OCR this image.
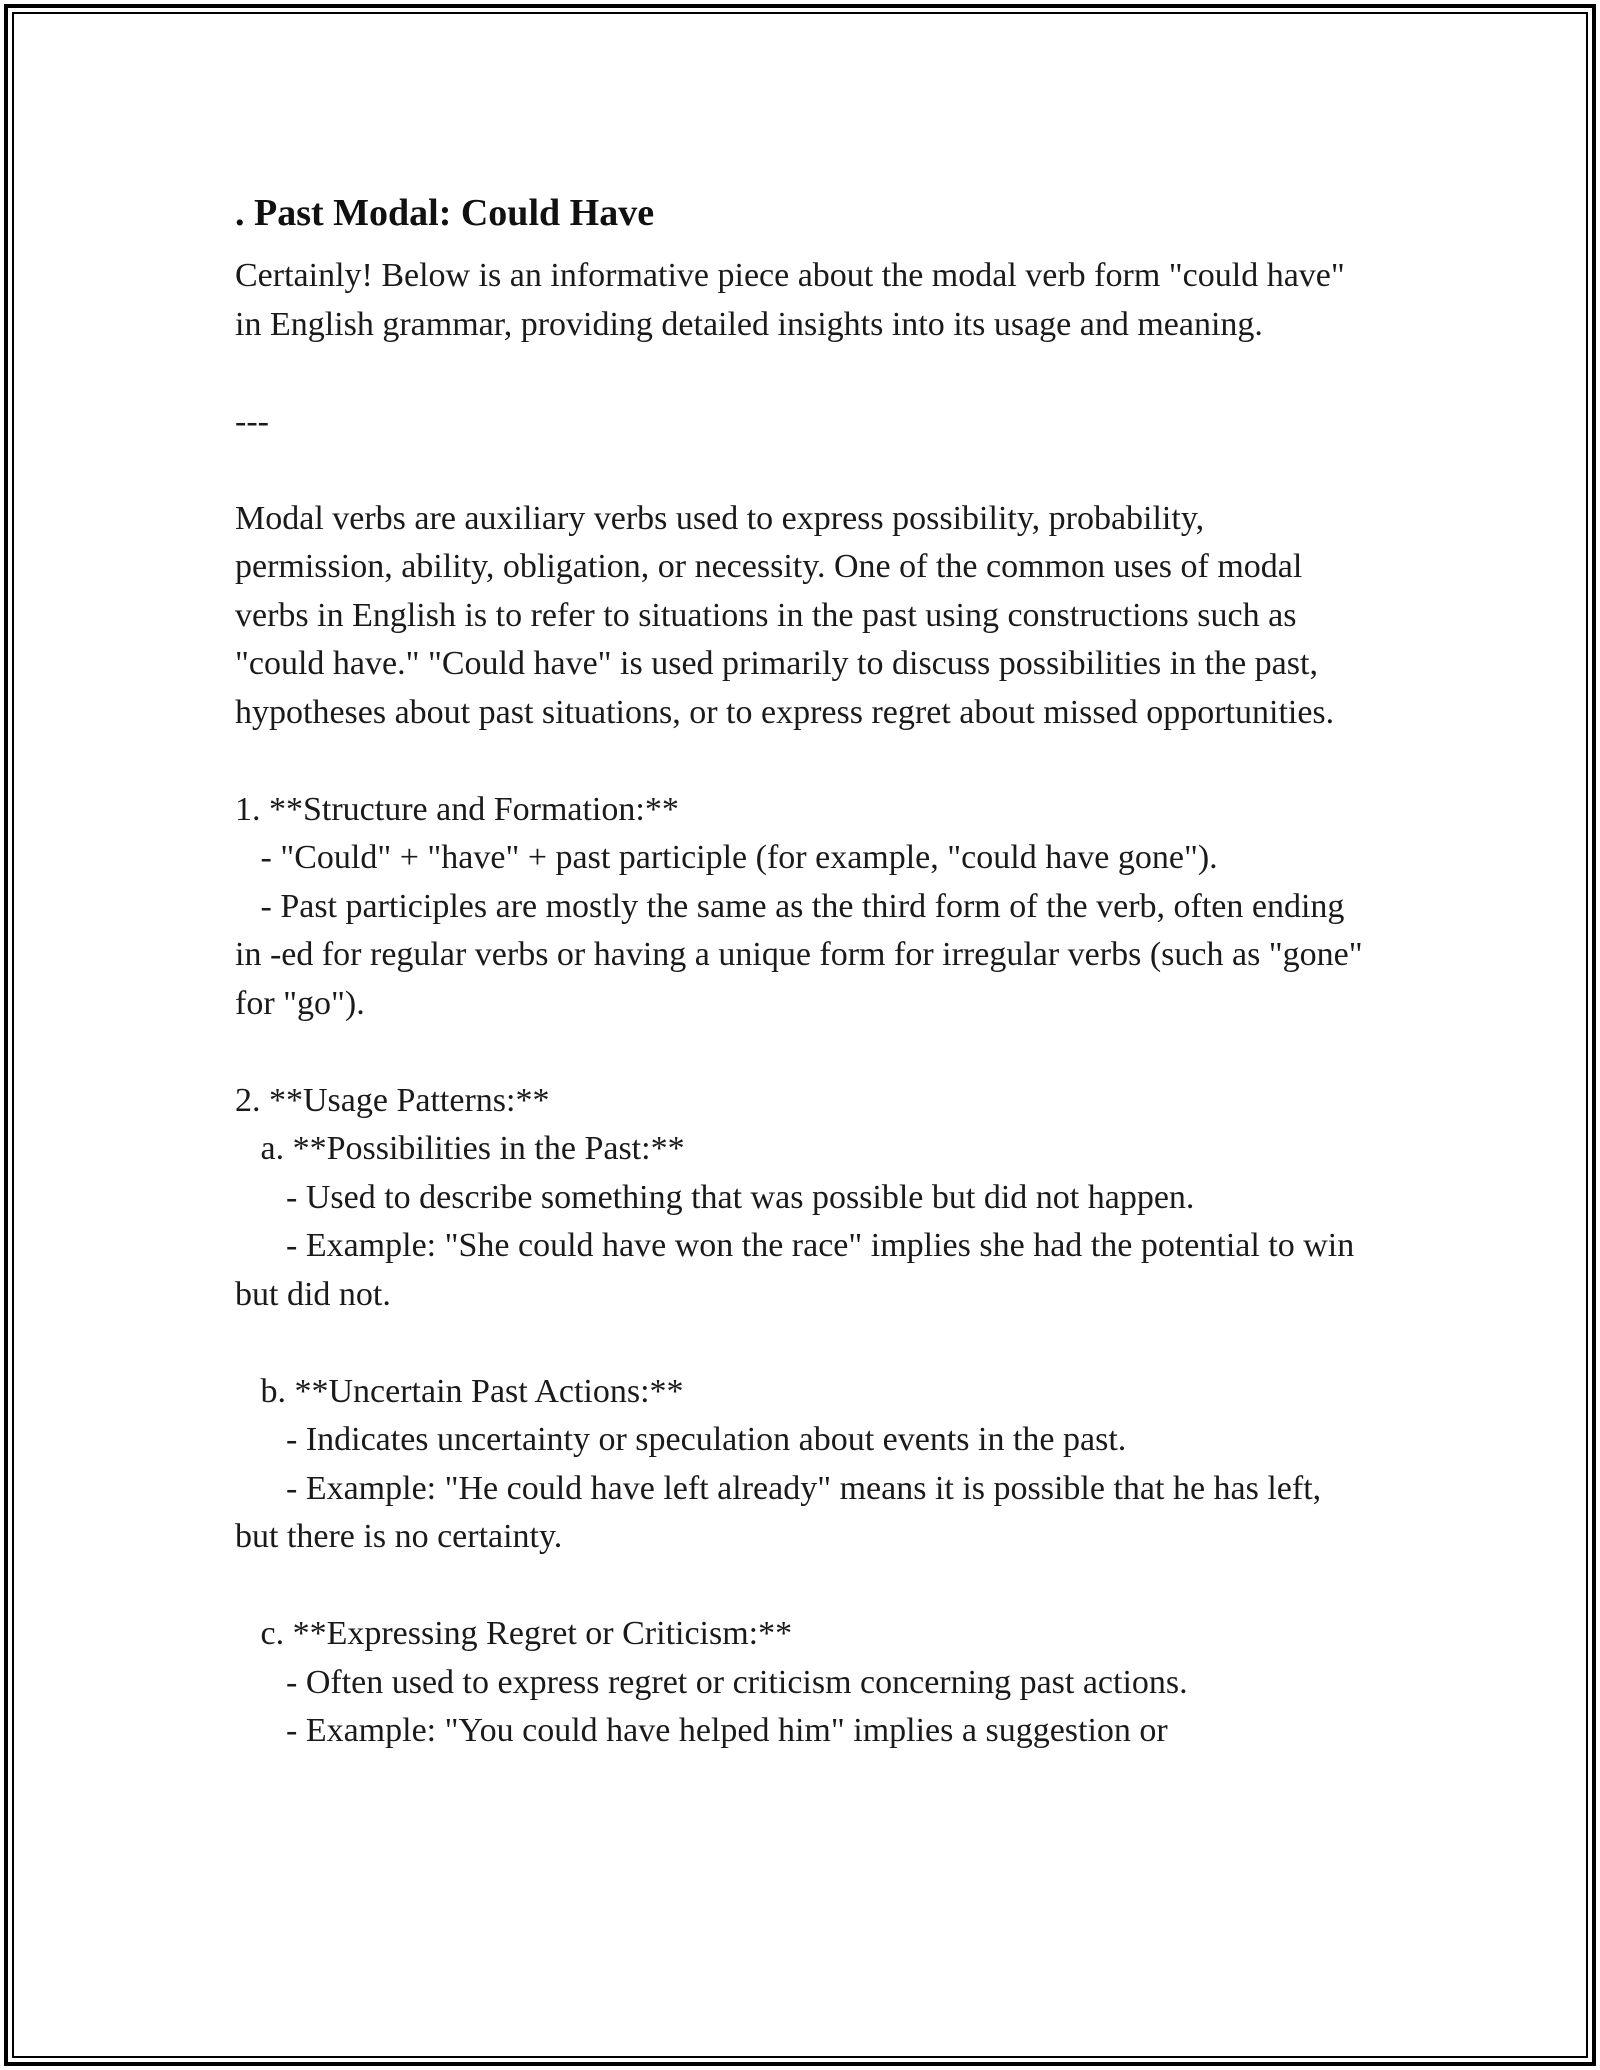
. Past Modal: Could Have
Certainly! Below is an informative piece about the modal verb form "could have" in English grammar, providing detailed insights into its usage and meaning.

---

Modal verbs are auxiliary verbs used to express possibility, probability, permission, ability, obligation, or necessity. One of the common uses of modal verbs in English is to refer to situations in the past using constructions such as "could have." "Could have" is used primarily to discuss possibilities in the past, hypotheses about past situations, or to express regret about missed opportunities.

1. **Structure and Formation:**
- "Could" + "have" + past participle (for example, "could have gone").
- Past participles are mostly the same as the third form of the verb, often ending in -ed for regular verbs or having a unique form for irregular verbs (such as "gone" for "go").

2. **Usage Patterns:**
a. **Possibilities in the Past:**
- Used to describe something that was possible but did not happen.
- Example: "She could have won the race" implies she had the potential to win but did not.

b. **Uncertain Past Actions:**
- Indicates uncertainty or speculation about events in the past.
- Example: "He could have left already" means it is possible that he has left, but there is no certainty.

c. **Expressing Regret or Criticism:**
- Often used to express regret or criticism concerning past actions.
- Example: "You could have helped him" implies a suggestion or
